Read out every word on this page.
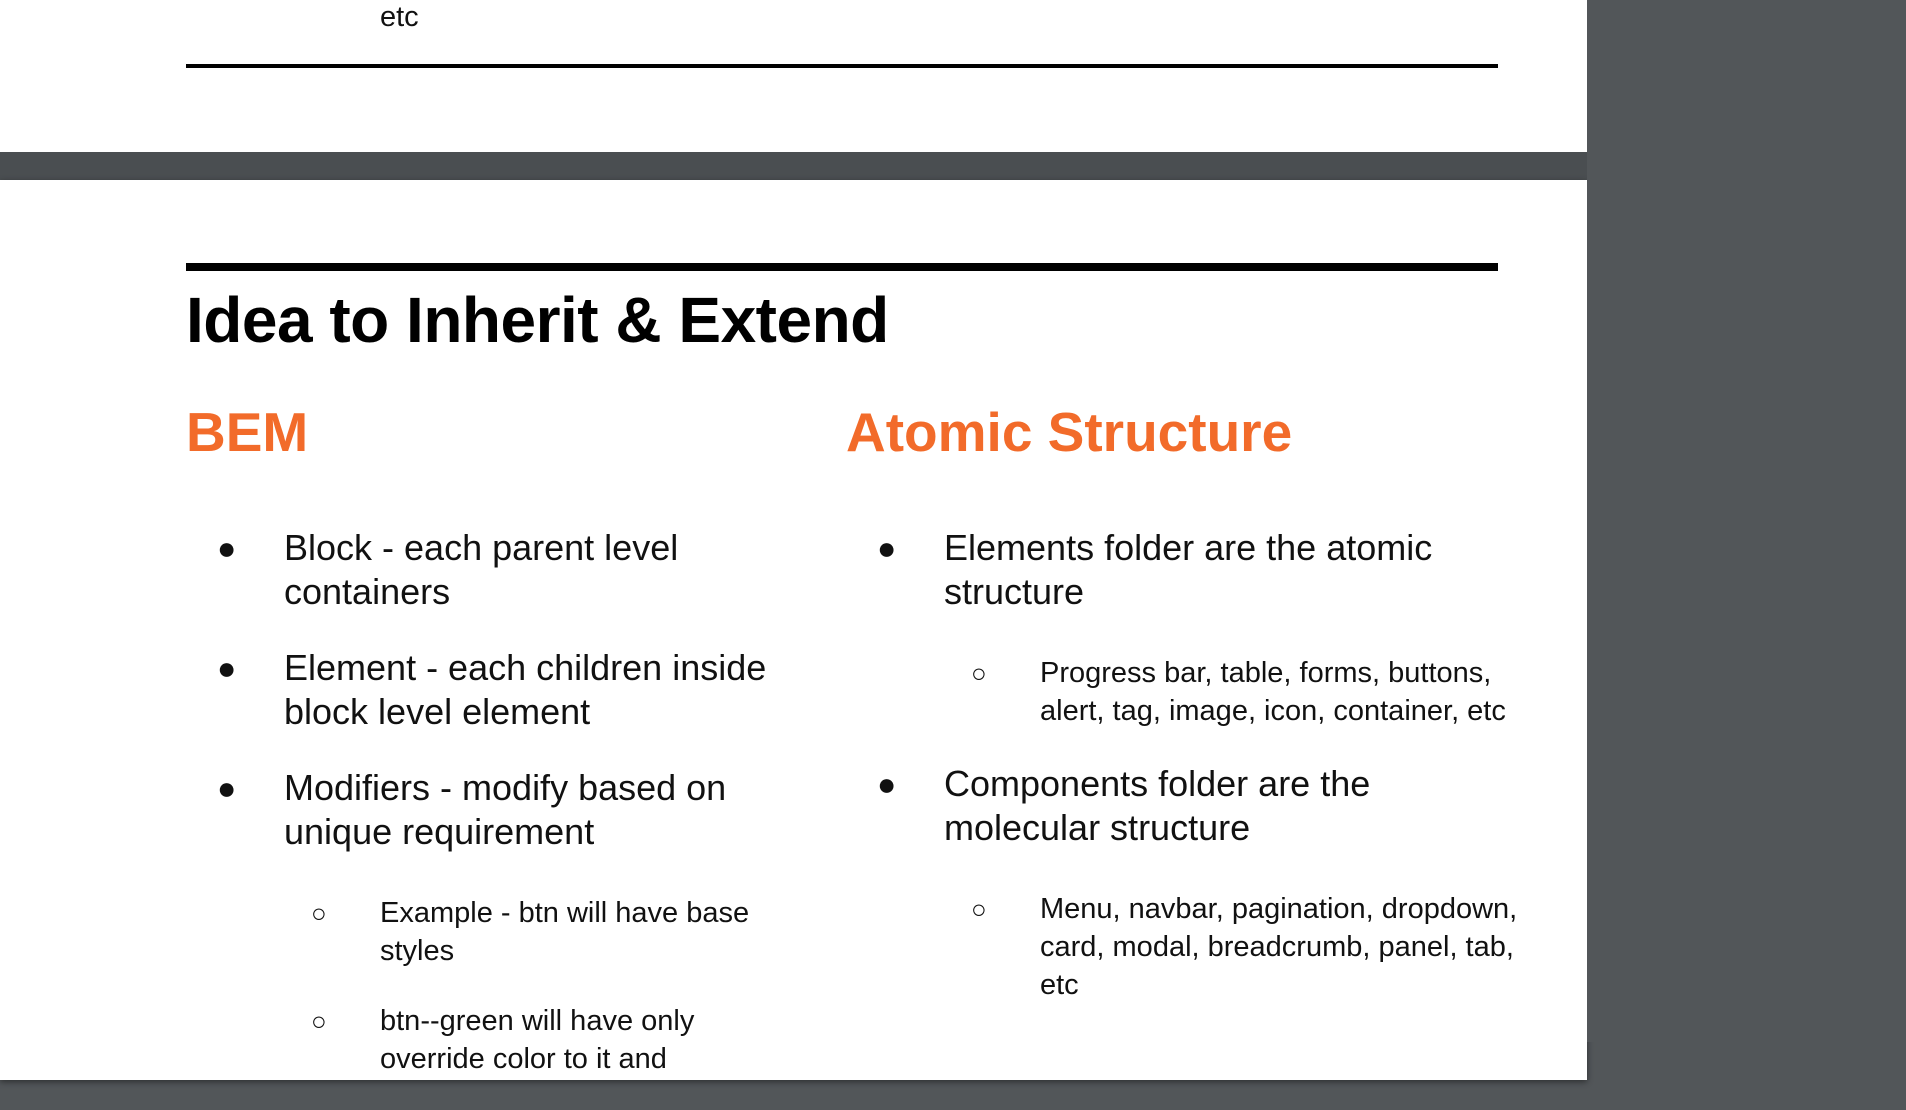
etc
Idea to Inherit & Extend
BEM
● Block - each parent level containers
● Element - each children inside block level element
● Modifiers - modify based on unique requirement
○ Example - btn will have base styles
○ btn--green will have only override color to it and
Atomic Structure
● Elements folder are the atomic structure
○ Progress bar, table, forms, buttons, alert, tag, image, icon, container, etc
● Components folder are the molecular structure
○ Menu, navbar, pagination, dropdown, card, modal, breadcrumb, panel, tab, etc
